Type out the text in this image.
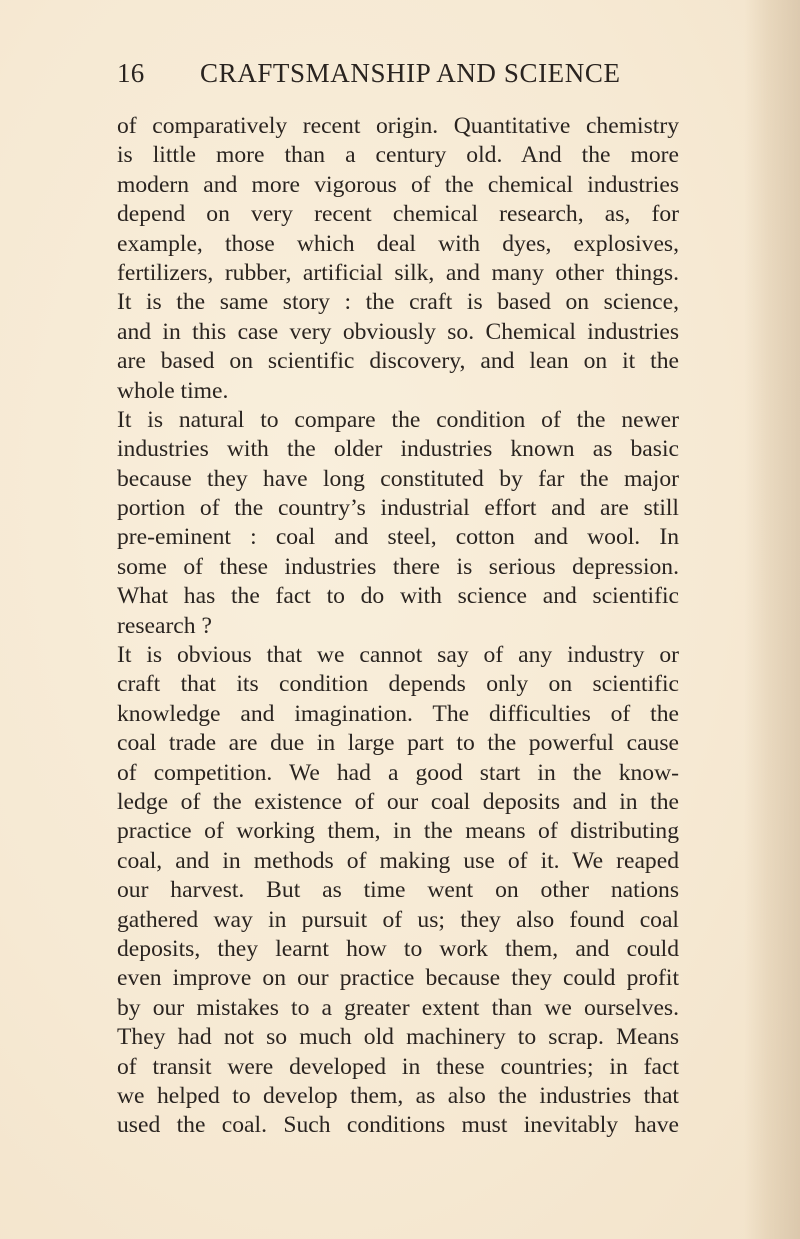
16 CRAFTSMANSHIP AND SCIENCE
of comparatively recent origin. Quantitative chemistry
is little more than a century old. And the more
modern and more vigorous of the chemical industries
depend on very recent chemical research, as, for
example, those which deal with dyes, explosives,
fertilizers, rubber, artificial silk, and many other things.
It is the same story : the craft is based on science,
and in this case very obviously so. Chemical industries
are based on scientific discovery, and lean on it the
whole time.
It is natural to compare the condition of the newer
industries with the older industries known as basic
because they have long constituted by far the major
portion of the country’s industrial effort and are still
pre-eminent : coal and steel, cotton and wool. In
some of these industries there is serious depression.
What has the fact to do with science and scientific
research ?
It is obvious that we cannot say of any industry or
craft that its condition depends only on scientific
knowledge and imagination. The difficulties of the
coal trade are due in large part to the powerful cause
of competition. We had a good start in the know-
ledge of the existence of our coal deposits and in the
practice of working them, in the means of distributing
coal, and in methods of making use of it. We reaped
our harvest. But as time went on other nations
gathered way in pursuit of us; they also found coal
deposits, they learnt how to work them, and could
even improve on our practice because they could profit
by our mistakes to a greater extent than we ourselves.
They had not so much old machinery to scrap. Means
of transit were developed in these countries; in fact
we helped to develop them, as also the industries that
used the coal. Such conditions must inevitably have
